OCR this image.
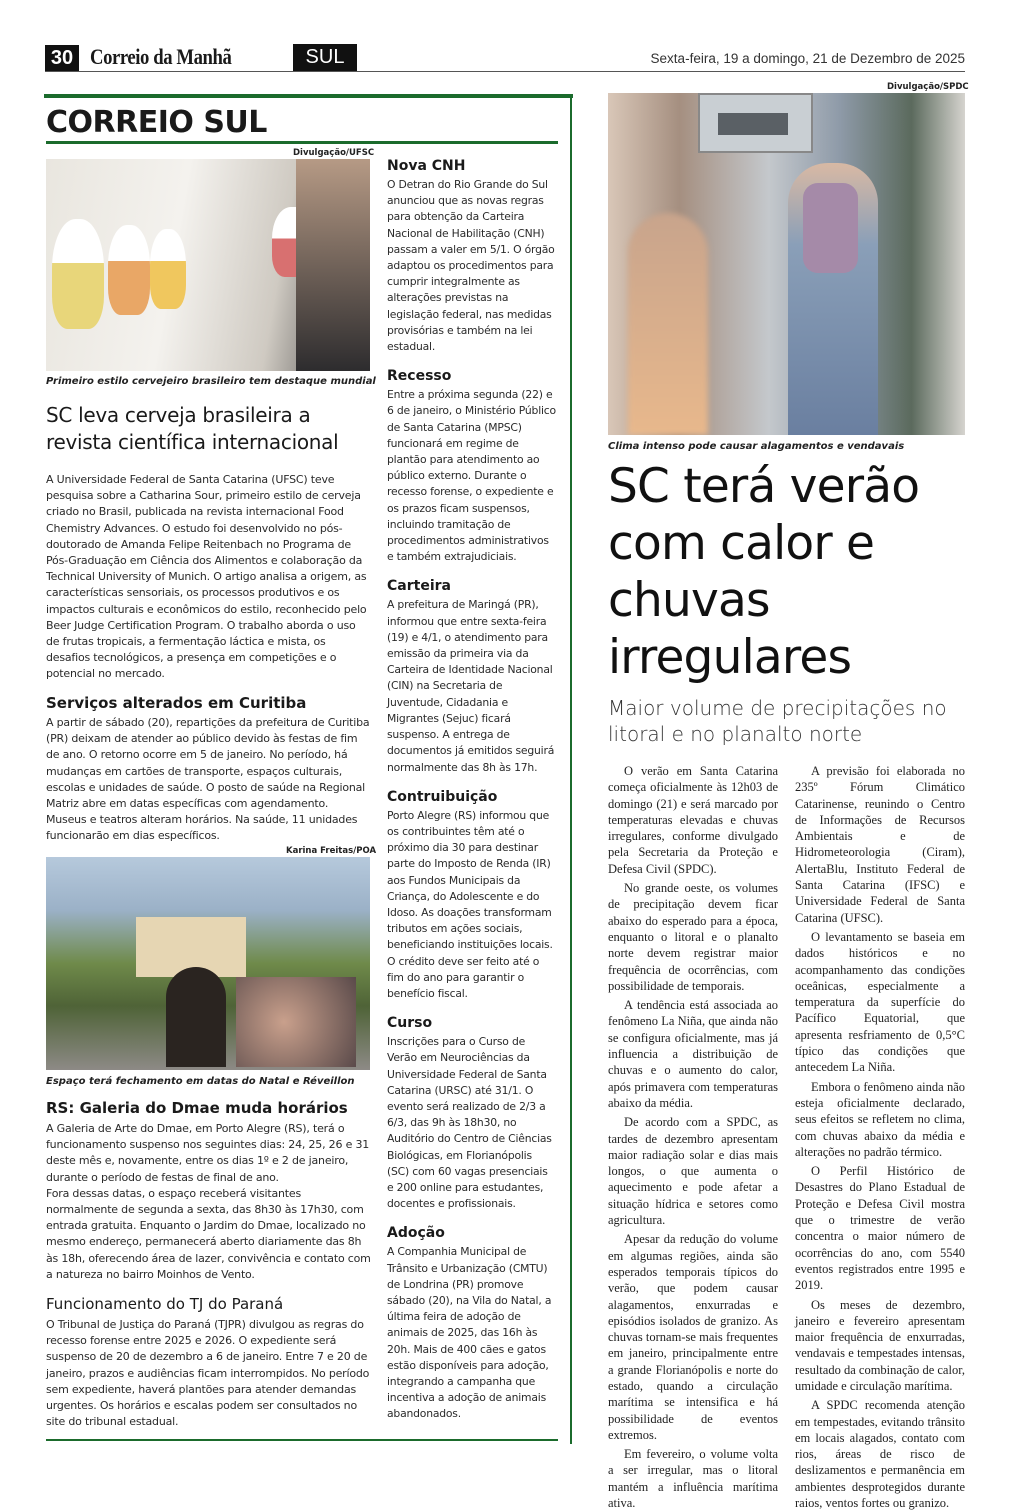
30 Correio da Manhã	SUL	Sexta-feira, 19 a domingo, 21 de Dezembro de 2025
CORREIO SUL
Divulgação/UFSC
Primeiro estilo cervejeiro brasileiro tem destaque mundial
SC leva cerveja brasileira a revista científica internacional
A Universidade Federal de Santa Catarina (UFSC) teve pesquisa sobre a Catharina Sour, primeiro estilo de cerveja criado no Brasil, publicada na revista internacional Food Chemistry Advances. O estudo foi desenvolvido no pós-doutorado de Amanda Felipe Reitenbach no Programa de Pós-Graduação em Ciência dos Alimentos e colaboração da Technical University of Munich. O artigo analisa a origem, as características sensoriais, os processos produtivos e os impactos culturais e econômicos do estilo, reconhecido pelo Beer Judge Certification Program. O trabalho aborda o uso de frutas tropicais, a fermentação láctica e mista, os desafios tecnológicos, a presença em competições e o potencial no mercado.
Serviços alterados em Curitiba
A partir de sábado (20), repartições da prefeitura de Curitiba (PR) deixam de atender ao público devido às festas de fim de ano. O retorno ocorre em 5 de janeiro. No período, há mudanças em cartões de transporte, espaços culturais, escolas e unidades de saúde. O posto de saúde na Regional Matriz abre em datas específicas com agendamento. Museus e teatros alteram horários. Na saúde, 11 unidades funcionarão em dias específicos.
Karina Freitas/POA
Espaço terá fechamento em datas do Natal e Réveillon
RS: Galeria do Dmae muda horários

A Galeria de Arte do Dmae, em Porto Alegre (RS), terá o funcionamento suspenso nos seguintes dias: 24, 25, 26 e 31 deste mês e, novamente, entre os dias 1º e 2 de janeiro, durante o período de festas de final de ano.

Fora dessas datas, o espaço receberá visitantes normalmente de segunda a sexta, das 8h30 às 17h30, com entrada gratuita. Enquanto o Jardim do Dmae, localizado no mesmo endereço, permanecerá aberto diariamente das 8h às 18h, oferecendo área de lazer, convivência e contato com a natureza no bairro Moinhos de Vento.

Funcionamento do TJ do Paraná
O Tribunal de Justiça do Paraná (TJPR) divulgou as regras do recesso forense entre 2025 e 2026. O expediente será suspenso de 20 de dezembro a 6 de janeiro. Entre 7 e 20 de janeiro, prazos e audiências ficam interrompidos. No período sem expediente, haverá plantões para atender demandas urgentes. Os horários e escalas podem ser consultados no site do tribunal estadual.
Nova CNH
O Detran do Rio Grande do Sul anunciou que as novas regras para obtenção da Carteira Nacional de Habilitação (CNH) passam a valer em 5/1. O órgão adaptou os procedimentos para cumprir integralmente as alterações previstas na legislação federal, nas medidas provisórias e também na lei estadual.
Recesso
Entre a próxima segunda (22) e 6 de janeiro, o Ministério Público de Santa Catarina (MPSC) funcionará em regime de plantão para atendimento ao público externo. Durante o recesso forense, o expediente e os prazos ficam suspensos, incluindo tramitação de procedimentos administrativos e também extrajudiciais.
Carteira
A prefeitura de Maringá (PR), informou que entre sexta-feira (19) e 4/1, o atendimento para emissão da primeira via da Carteira de Identidade Nacional (CIN) na Secretaria de Juventude, Cidadania e Migrantes (Sejuc) ficará suspenso. A entrega de documentos já emitidos seguirá normalmente das 8h às 17h.
Contruibuição
Porto Alegre (RS) informou que os contribuintes têm até o próximo dia 30 para destinar parte do Imposto de Renda (IR) aos Fundos Municipais da Criança, do Adolescente e do Idoso. As doações transformam tributos em ações sociais, beneficiando instituições locais. O crédito deve ser feito até o fim do ano para garantir o benefício fiscal.
Curso
Inscrições para o Curso de Verão em Neurociências da Universidade Federal de Santa Catarina (URSC) até 31/1. O evento será realizado de 2/3 a 6/3, das 9h às 18h30, no Auditório do Centro de Ciências Biológicas, em Florianópolis (SC) com 60 vagas presenciais e 200 online para estudantes, docentes e profissionais.
Adoção
A Companhia Municipal de Trânsito e Urbanização (CMTU) de Londrina (PR) promove sábado (20), na Vila do Natal, a última feira de adoção de animais de 2025, das 16h às 20h. Mais de 400 cães e gatos estão disponíveis para adoção, integrando a campanha que incentiva a adoção de animais abandonados.
Divulgação/SPDC
Clima intenso pode causar alagamentos e vendavais
SC terá verão com calor e chuvas irregulares
Maior volume de precipitações no litoral e no planalto norte

O verão em Santa Catarina começa oficialmente às 12h03 de domingo (21) e será marcado por temperaturas elevadas e chuvas irregulares, conforme divulgado pela Secretaria da Proteção e Defesa Civil (SPDC).

No grande oeste, os volumes de precipitação devem ficar abaixo do esperado para a época, enquanto o litoral e o planalto norte devem registrar maior frequência de ocorrências, com possibilidade de temporais.

A tendência está associada ao fenômeno La Niña, que ainda não se configura oficialmente, mas já influencia a distribuição de chuvas e o aumento do calor, após primavera com temperaturas abaixo da média.

De acordo com a SPDC, as tardes de dezembro apresentam maior radiação solar e dias mais longos, o que aumenta o aquecimento e pode afetar a situação hídrica e setores como agricultura.

Apesar da redução do volume em algumas regiões, ainda são esperados temporais típicos do verão, que podem causar alagamentos, enxurradas e episódios isolados de granizo. As chuvas tornam-se mais frequentes em janeiro, principalmente entre a grande Florianópolis e norte do estado, quando a circulação marítima se intensifica e há possibilidade de eventos extremos.

Em fevereiro, o volume volta a ser irregular, mas o litoral mantém a influência marítima ativa.

A previsão foi elaborada no 235º Fórum Climático Catarinense, reunindo o Centro de Informações de Recursos Ambientais e de Hidrometeorologia (Ciram), AlertaBlu, Instituto Federal de Santa Catarina (IFSC) e Universidade Federal de Santa Catarina (UFSC).

O levantamento se baseia em dados históricos e no acompanhamento das condições oceânicas, especialmente a temperatura da superfície do Pacífico Equatorial, que apresenta resfriamento de 0,5°C típico das condições que antecedem La Niña.

Embora o fenômeno ainda não esteja oficialmente declarado, seus efeitos se refletem no clima, com chuvas abaixo da média e alterações no padrão térmico.

O Perfil Histórico de Desastres do Plano Estadual de Proteção e Defesa Civil mostra que o trimestre de verão concentra o maior número de ocorrências do ano, com 5540 eventos registrados entre 1995 e 2019.

Os meses de dezembro, janeiro e fevereiro apresentam maior frequência de enxurradas, vendavais e tempestades intensas, resultado da combinação de calor, umidade e circulação marítima.

A SPDC recomenda atenção em tempestades, evitando trânsito em locais alagados, contato com rios, áreas de risco de deslizamentos e permanência em ambientes desprotegidos durante raios, ventos fortes ou granizo.
